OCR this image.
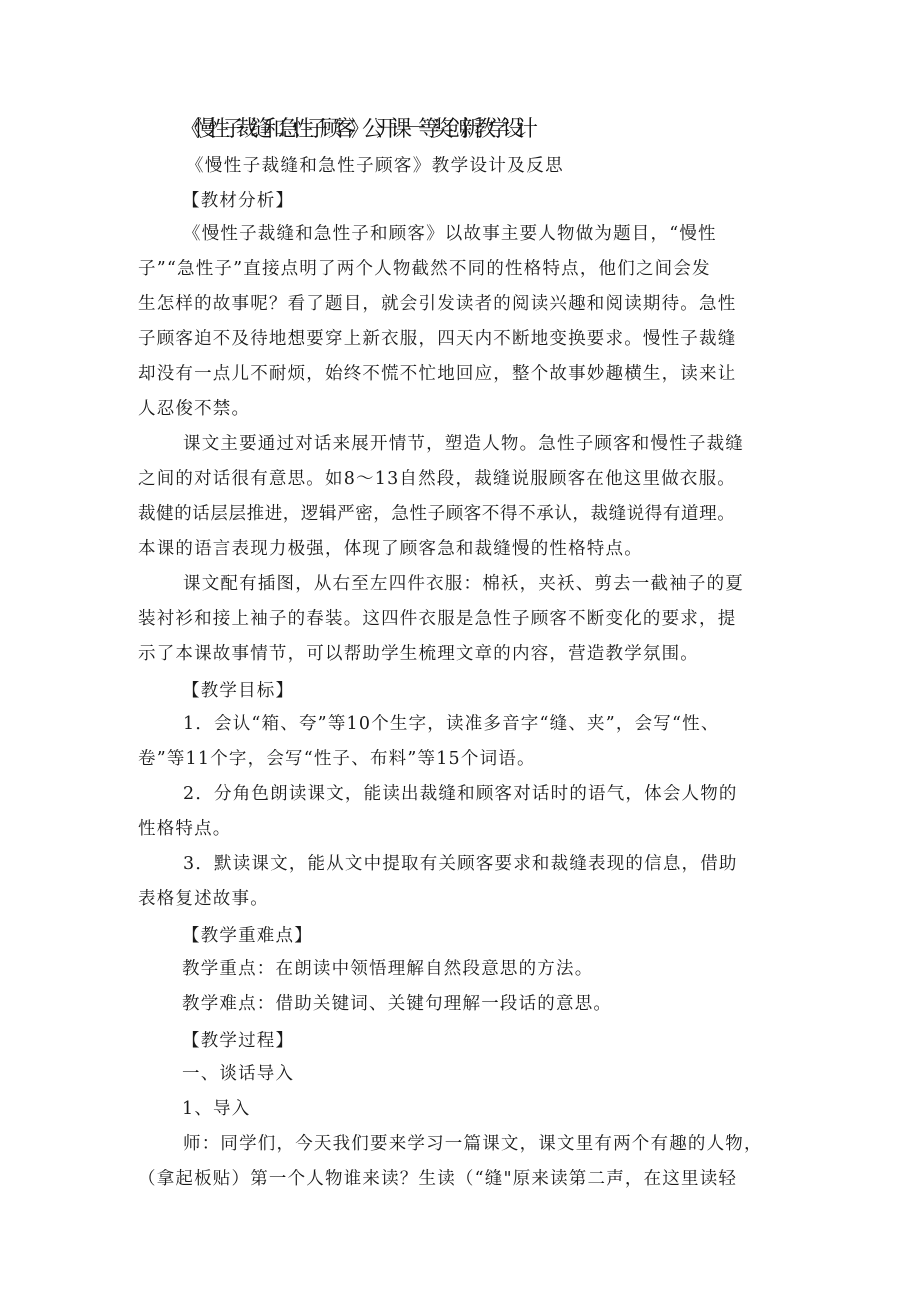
《慢性子裁缝和急性子顾客》公开课一等奖创新教学设计
《慢性子裁缝和急性子顾客》教学设计及反思
【教材分析】
《慢性子裁缝和急性子和顾客》以故事主要人物做为题目，“慢性
子”“急性子”直接点明了两个人物截然不同的性格特点，他们之间会发
生怎样的故事呢？看了题目，就会引发读者的阅读兴趣和阅读期待。急性
子顾客迫不及待地想要穿上新衣服，四天内不断地变换要求。慢性子裁缝
却没有一点儿不耐烦，始终不慌不忙地回应，整个故事妙趣横生，读来让
人忍俊不禁。
课文主要通过对话来展开情节，塑造人物。急性子顾客和慢性子裁缝
之间的对话很有意思。如8～13自然段，裁缝说服顾客在他这里做衣服。
裁健的话层层推进，逻辑严密，急性子顾客不得不承认，裁缝说得有道理。
本课的语言表现力极强，体现了顾客急和裁缝慢的性格特点。
课文配有插图，从右至左四件衣服：棉袄，夹袄、剪去一截袖子的夏
装衬衫和接上袖子的春装。这四件衣服是急性子顾客不断变化的要求，提
示了本课故事情节，可以帮助学生梳理文章的内容，营造教学氛围。
【教学目标】
1．会认“箱、夸”等10个生字，读准多音字“缝、夹”，会写“性、
卷”等11个字，会写“性子、布料”等15个词语。
2．分角色朗读课文，能读出裁缝和顾客对话时的语气，体会人物的
性格特点。
3．默读课文，能从文中提取有关顾客要求和裁缝表现的信息，借助
表格复述故事。
【教学重难点】
教学重点：在朗读中领悟理解自然段意思的方法。
教学难点：借助关键词、关键句理解一段话的意思。
【教学过程】
一、谈话导入
1、导入
师：同学们，今天我们要来学习一篇课文，课文里有两个有趣的人物，
（拿起板贴）第一个人物谁来读？生读（“缝"原来读第二声，在这里读轻
